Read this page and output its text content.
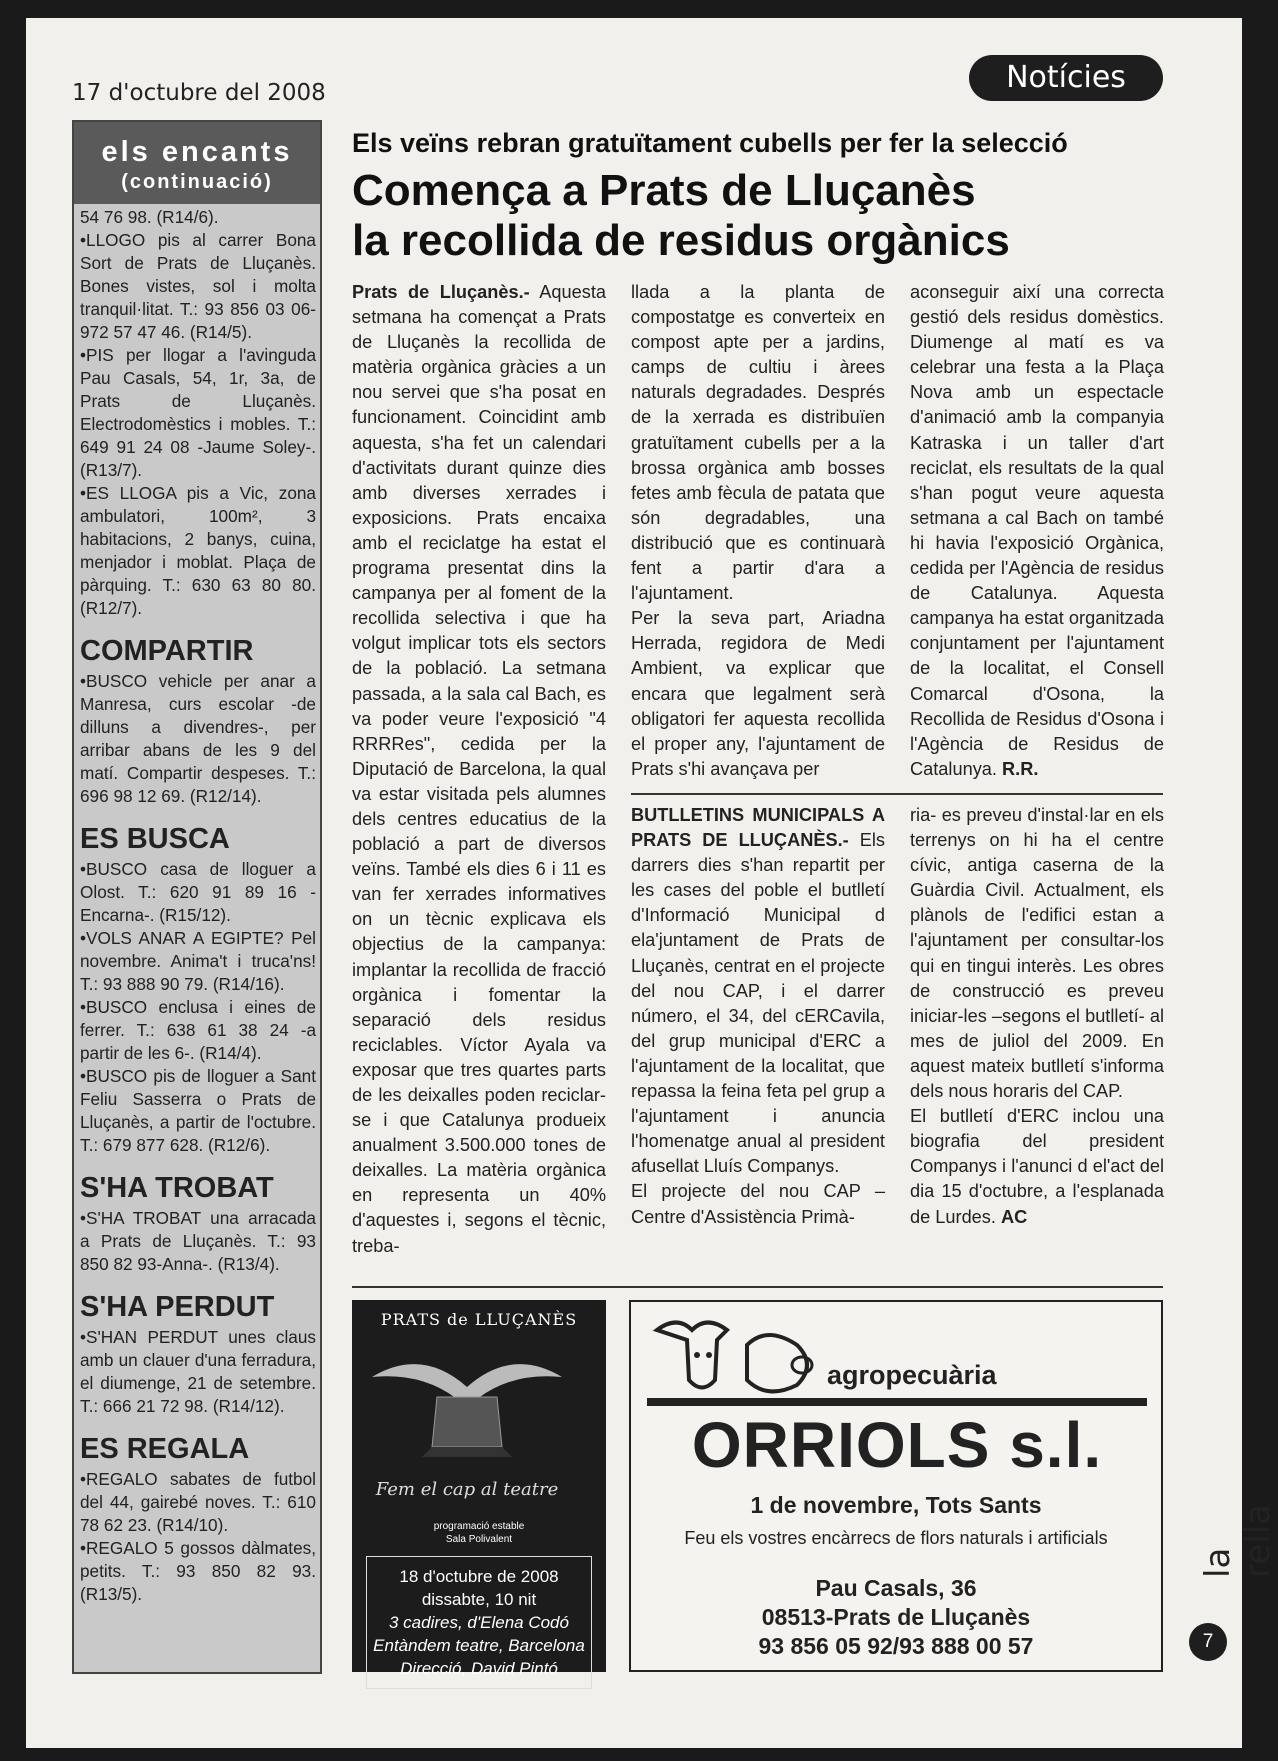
17 d'octubre del 2008	Notícies
els encants
(continuació)

54 76 98. (R14/6).

•LLOGO pis al carrer Bona Sort de Prats de Lluçanès. Bones vistes, sol i molta tranquil·litat. T.: 93 856 03 06-972 57 47 46. (R14/5).

•PIS per llogar a l'avinguda Pau Casals, 54, 1r, 3a, de Prats de Lluçanès. Electrodomèstics i mobles. T.: 649 91 24 08 -Jaume Soley-. (R13/7).

•ES LLOGA pis a Vic, zona ambulatori, 100m², 3 habitacions, 2 banys, cuina, menjador i moblat. Plaça de pàrquing. T.: 630 63 80 80. (R12/7).

COMPARTIR

•BUSCO vehicle per anar a Manresa, curs escolar -de dilluns a divendres-, per arribar abans de les 9 del matí. Compartir despeses. T.: 696 98 12 69. (R12/14).

ES BUSCA

•BUSCO casa de lloguer a Olost. T.: 620 91 89 16 -Encarna-. (R15/12).

•VOLS ANAR A EGIPTE? Pel novembre. Anima't i truca'ns! T.: 93 888 90 79. (R14/16).

•BUSCO enclusa i eines de ferrer. T.: 638 61 38 24 -a partir de les 6-. (R14/4).

•BUSCO pis de lloguer a Sant Feliu Sasserra o Prats de Lluçanès, a partir de l'octubre. T.: 679 877 628. (R12/6).

S'HA TROBAT

•S'HA TROBAT una arracada a Prats de Lluçanès. T.: 93 850 82 93-Anna-. (R13/4).

S'HA PERDUT

•S'HAN PERDUT unes claus amb un clauer d'una ferradura, el diumenge, 21 de setembre. T.: 666 21 72 98. (R14/12).

ES REGALA

•REGALO sabates de futbol del 44, gairebé noves. T.: 610 78 62 23. (R14/10).

•REGALO 5 gossos dàlmates, petits. T.: 93 850 82 93. (R13/5).

Els veïns rebran gratuïtament cubells per fer la selecció
Comença a Prats de Lluçanès
la recollida de residus orgànics

Prats de Lluçanès.- Aquesta setmana ha començat a Prats de Lluçanès la recollida de matèria orgànica gràcies a un nou servei que s'ha posat en funcionament. Coincidint amb aquesta, s'ha fet un calendari d'activitats durant quinze dies amb diverses xerrades i exposicions. Prats encaixa amb el reciclatge ha estat el programa presentat dins la campanya per al foment de la recollida selectiva i que ha volgut implicar tots els sectors de la població. La setmana passada, a la sala cal Bach, es va poder veure l'exposició "4 RRRRes", cedida per la Diputació de Barcelona, la qual va estar visitada pels alumnes dels centres educatius de la població a part de diversos veïns. També els dies 6 i 11 es van fer xerrades informatives on un tècnic explicava els objectius de la campanya: implantar la recollida de fracció orgànica i fomentar la separació dels residus reciclables. Víctor Ayala va exposar que tres quartes parts de les deixalles poden reciclar-se i que Catalunya produeix anualment 3.500.000 tones de deixalles. La matèria orgànica en representa un 40% d'aquestes i, segons el tècnic, treba-

llada a la planta de compostatge es converteix en compost apte per a jardins, camps de cultiu i àrees naturals degradades. Després de la xerrada es distribuïen gratuïtament cubells per a la brossa orgànica amb bosses fetes amb fècula de patata que són degradables, una distribució que es continuarà fent a partir d'ara a l'ajuntament.

Per la seva part, Ariadna Herrada, regidora de Medi Ambient, va explicar que encara que legalment serà obligatori fer aquesta recollida el proper any, l'ajuntament de Prats s'hi avançava per

aconseguir així una correcta gestió dels residus domèstics. Diumenge al matí es va celebrar una festa a la Plaça Nova amb un espectacle d'animació amb la companyia Katraska i un taller d'art reciclat, els resultats de la qual s'han pogut veure aquesta setmana a cal Bach on també hi havia l'exposició Orgànica, cedida per l'Agència de residus de Catalunya. Aquesta campanya ha estat organitzada conjuntament per l'ajuntament de la localitat, el Consell Comarcal d'Osona, la Recollida de Residus d'Osona i l'Agència de Residus de Catalunya. R.R.

BUTLLETINS MUNICIPALS A PRATS DE LLUÇANÈS.- Els darrers dies s'han repartit per les cases del poble el butlletí d'Informació Municipal d ela'juntament de Prats de Lluçanès, centrat en el projecte del nou CAP, i el darrer número, el 34, del cERCavila, del grup municipal d'ERC a l'ajuntament de la localitat, que repassa la feina feta pel grup a l'ajuntament i anuncia l'homenatge anual al president afusellat Lluís Companys.

El projecte del nou CAP –Centre d'Assistència Primà-

ria- es preveu d'instal·lar en els terrenys on hi ha el centre cívic, antiga caserna de la Guàrdia Civil. Actualment, els plànols de l'edifici estan a l'ajuntament per consultar-los qui en tingui interès. Les obres de construcció es preveu iniciar-les –segons el butlletí- al mes de juliol del 2009. En aquest mateix butlletí s'informa dels nous horaris del CAP.

El butlletí d'ERC inclou una biografia del president Companys i l'anunci d el'act del dia 15 d'octubre, a l'esplanada de Lurdes. AC

PRATS de LLUÇANÈS
Fem el cap al teatre
programació estable
Sala Polivalent
18 d'octubre de 2008
dissabte, 10 nit
3 cadires, d'Elena Codó
Entàndem teatre, Barcelona
Direcció, David Pintó
agropecuària
ORRIOLS s.l.
1 de novembre, Tots Sants
Feu els vostres encàrrecs de flors naturals i artificials
Pau Casals, 36
08513-Prats de Lluçanès
93 856 05 92/93 888 00 57
la rella
7
